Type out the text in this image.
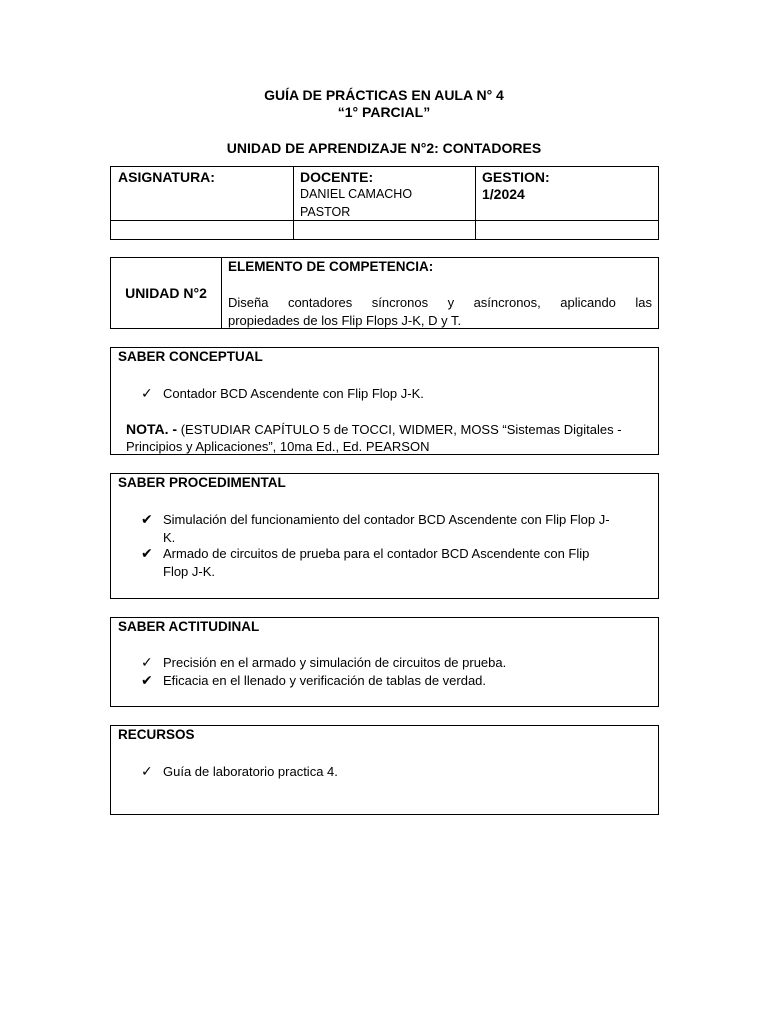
GUÍA DE PRÁCTICAS EN AULA N° 4
“1° PARCIAL”
UNIDAD DE APRENDIZAJE N°2: CONTADORES
ASIGNATURA:	DOCENTE:
DANIEL CAMACHO
PASTOR
GESTION:
1/2024
UNIDAD N°2
ELEMENTO DE COMPETENCIA:
Diseña contadores síncronos y asíncronos, aplicando las
propiedades de los Flip Flops J-K, D y T.
SABER CONCEPTUAL
✓ Contador BCD Ascendente con Flip Flop J-K.
NOTA. - (ESTUDIAR CAPÍTULO 5 de TOCCI, WIDMER, MOSS “Sistemas Digitales -
Principios y Aplicaciones”, 10ma Ed., Ed. PEARSON
SABER PROCEDIMENTAL
✔ Simulación del funcionamiento del contador BCD Ascendente con Flip Flop J-
K.
✔ Armado de circuitos de prueba para el contador BCD Ascendente con Flip
Flop J-K.
SABER ACTITUDINAL
✓ Precisión en el armado y simulación de circuitos de prueba.
✔ Eficacia en el llenado y verificación de tablas de verdad.
RECURSOS
✓ Guía de laboratorio practica 4.
